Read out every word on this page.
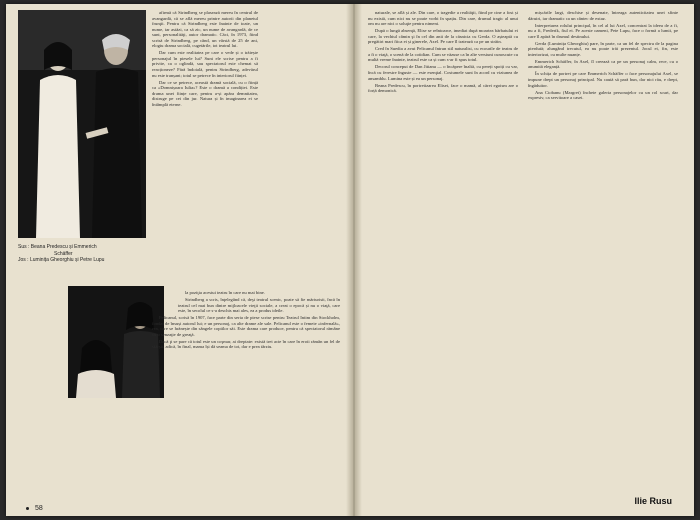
afirmă că Strindberg se plasează mereu în centrul de avangardă, că se află mereu printre autorii din planetul frunţii. Pentru că Strindberg este înainte de toate, un nume, iar astăzi, ca să zic, un nume de avangardă, de ce sunt, personalităţi, autor dramatic. Căci, în 1973, fiind scrisă de Strindberg, pe când, un vârstă de 25 de ani, elogiu drama socială, cugetările, tot teatrul lui.

Dar cum este realitatea pe care o vede și o trăiește personajul în piesele lui? Sunt ele scrise pentru a fi privite, ca o oglindă, sau spectatorul este chemat să reacționeze? Fără îndoială, pentru Strindberg, adevărul nu este tranșant; totul se petrece în interiorul ființei.

Dar ce se petrece, această dramă socială, cu o ființă ca «Domnișoara Iulia»? Este o dramă a condiției. Este drama unei ființe care, pentru a-și apăra demnitatea, distruge pe cei din jur. Natura și în imaginarea ei se întâmplă eterne.

Sus : Beana Predescu și Emmerich
Schäffer
Jos : Luminița Gheorghiu și Petre Lupu

la poziţia acestui teatru în care nu mai bine.

Strindberg a scris, înţelegând că, deşi teatrul scenic, poate să fie mărturisit, încă în teatrul cel mai bun dintre mijloacele vieţii sociale, a creat o epocă și nu o viaţă, care este, în secolul ce s-a deschis mai ales, ea a produs ideile.

Pelicanul, scrisă în 1907, face parte din seria de piese scrise pentru Teatrul Intim din Stockholm, fondat de însuși autorul lui; e un personaj, ca alte drame ale sale. Pelicanul este o femeie «infernală», rea, care se hrănește din sângele copiilor săi. Este drama care produce, pentru că spectatorul rămâne cu o senzaţie de greaţă.

Dacă ţi se pare că totul este un coşmar, ai dreptate: există trei acte în care în eroii rămân un fel de sfârșit, adică, în final, mama își dă seama de tot, dar e prea târziu.

58

naturale, se află și ale. Din care, o tragedie a realităţii, fiind pe cine a fost și nu există, cum nici nu se poate vorbi în spațiu. Din care, drumul tragic al unui om nu are nici o soluţie pentru nimeni.

După o lungă absenţă, Elise se reîntoarce, imediat după moartea bărbatului ei care, la vechiul câmin şi în cel din anii de la căsnicia cu Gerda. O așteaptă cu pregătiri mari fiica ei și ginerele, Axel. Pe care îl tratează ca pe un străin.

Cred în Suedia a avut Pelicanul întrun stil naturalist, cu ecourile de teatru de a fi o viaţă, o scenă de la cotidian. Cum se văzuse ca în alte versiuni cunoscute cu multă vreme înainte, teatrul este ca și cum s-ar fi spus totul.

Decorul conceput de Dan Jitianu — o încăpere înaltă, cu pereți spoiți cu var, încă cu ferestre înguste — este esenţial. Costumele sunt în acord cu viziunea de ansamblu. Lumina este și ea un personaj.

Beana Predescu, în portretizarea Elisei, face o mamă, al cărei egoism are o forță demonică.

mișcările largi, deschise și desenate, întreaga autenticitatea unei sfinte dăruiri, iar dramatic ca un cântec de extaz.

Interpretarea rolului principal, în cel al lui Axel, concentrat la ideea de a fi, nu a fi, Frederik, fiul ei. Pe aceste oameni, Pete Lupu, face o formă a lumii, pe care îl apără în drumul destinului.

Gerda (Luminița Gheorghiu) pare, în parte, ca un fel de spectru de la pagina pierdută; alungând trecutul, ea nu poate trăi prezentul. Jocul ei, fin, este interiorizat, cu multe nuanțe.

Emmerich Schäffer, în Axel, îl creează ca pe un personaj calm, rece, cu o anumită eleganță.

În schița de portret pe care Emmerich Schäffer o face personajului Axel, se impune drept un personaj principal. Nu caută să pară bun, dar nici rău, e drept, îngăduitor.

Ana Ciobanu (Margret) încheie galeria personajelor cu un rol scurt, dar expresiv, ca servitoare a casei.

Ilie Rusu
